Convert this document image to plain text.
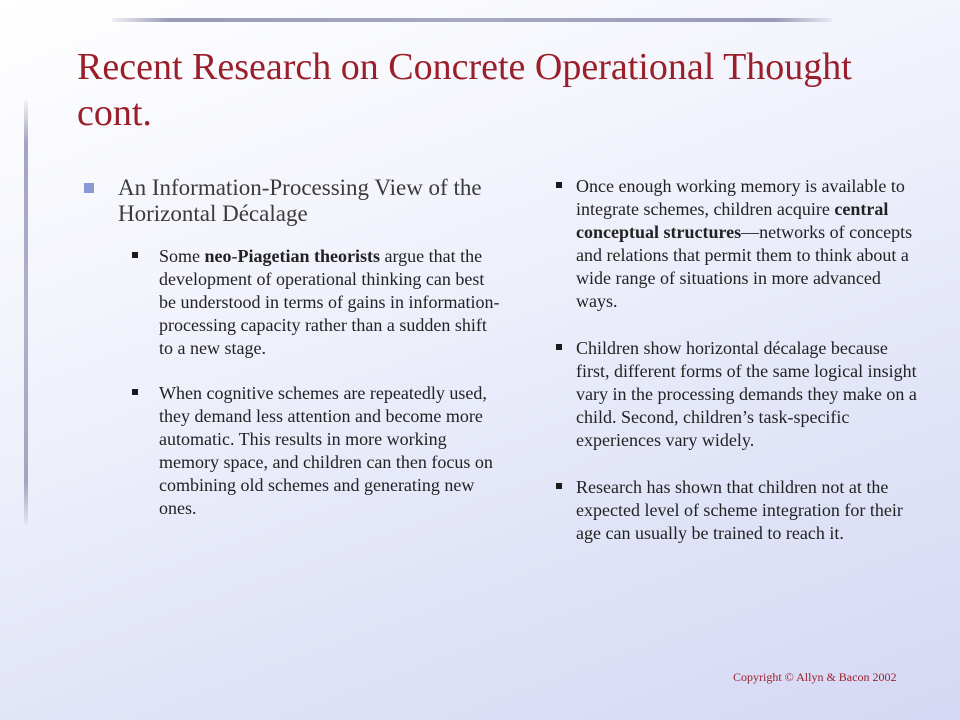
Recent Research on Concrete Operational Thought cont.
An Information-Processing View of the Horizontal Décalage
Some neo-Piagetian theorists argue that the development of operational thinking can best be understood in terms of gains in information-processing capacity rather than a sudden shift to a new stage.
When cognitive schemes are repeatedly used, they demand less attention and become more automatic. This results in more working memory space, and children can then focus on combining old schemes and generating new ones.
Once enough working memory is available to integrate schemes, children acquire central conceptual structures—networks of concepts and relations that permit them to think about a wide range of situations in more advanced ways.
Children show horizontal décalage because first, different forms of the same logical insight vary in the processing demands they make on a child. Second, children’s task-specific experiences vary widely.
Research has shown that children not at the expected level of scheme integration for their age can usually be trained to reach it.
Copyright © Allyn & Bacon 2002
